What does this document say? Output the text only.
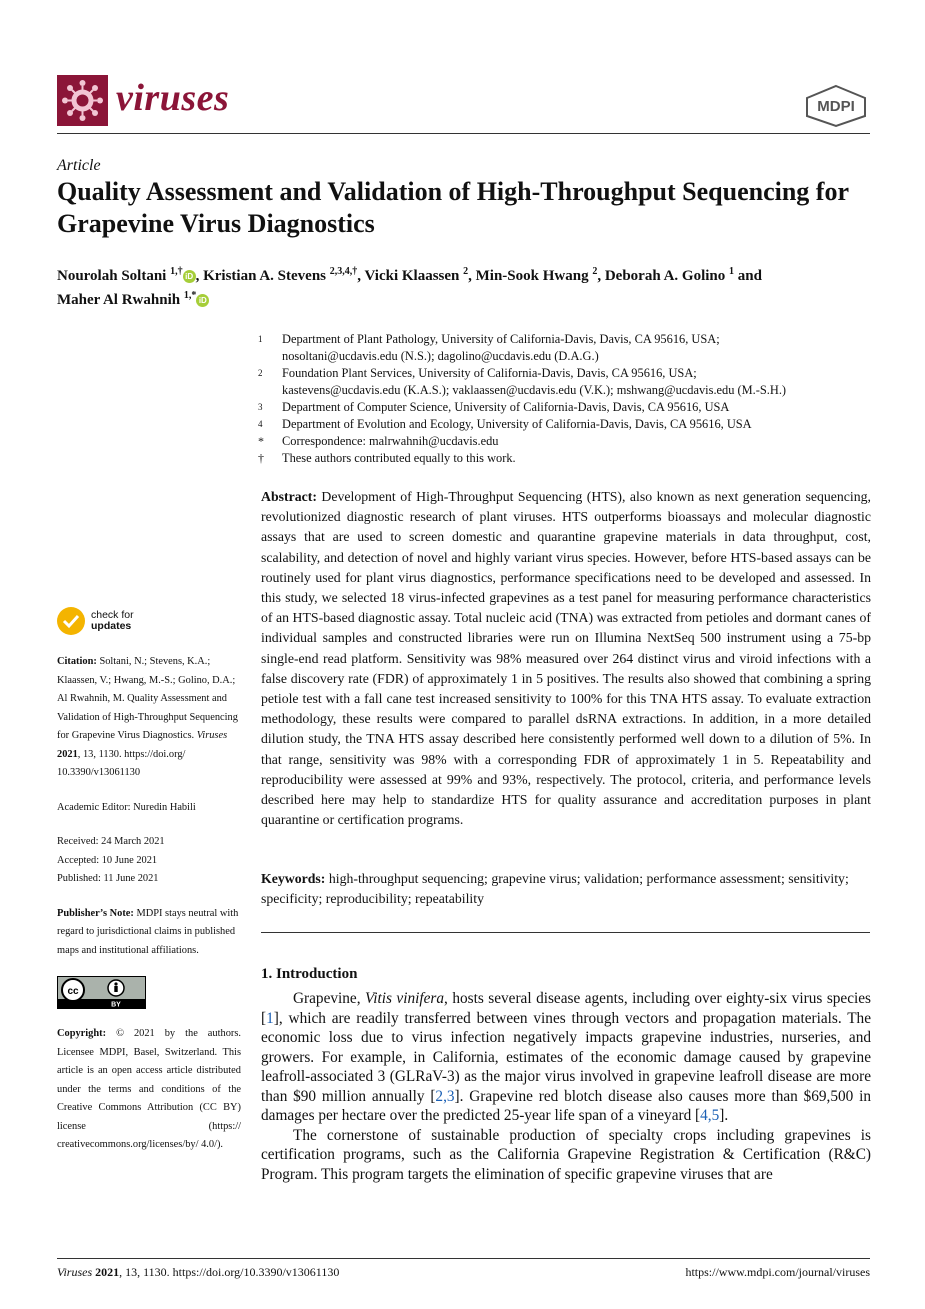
viruses	MDPI
Article
Quality Assessment and Validation of High-Throughput Sequencing for Grapevine Virus Diagnostics
Nourolah Soltani $^{1,\dagger}$ iD , Kristian A. Stevens $^{2,3,4,\dagger}$, Vicki Klaassen $^2$, Min-Sook Hwang $^2$, Deborah A. Golino $^1$ and
Maher Al Rwahnih $^{1,*}$ iD
1	Department of Plant Pathology, University of California-Davis, Davis, CA 95616, USA;
nosoltani@ucdavis.edu (N.S.); dagolino@ucdavis.edu (D.A.G.)
2	Foundation Plant Services, University of California-Davis, Davis, CA 95616, USA;
kastevens@ucdavis.edu (K.A.S.); vaklaassen@ucdavis.edu (V.K.); mshwang@ucdavis.edu (M.-S.H.)
3	Department of Computer Science, University of California-Davis, Davis, CA 95616, USA
4	Department of Evolution and Ecology, University of California-Davis, Davis, CA 95616, USA
*	Correspondence: malrwahnih@ucdavis.edu
†	These authors contributed equally to this work.

Abstract: Development of High-Throughput Sequencing (HTS), also known as next generation sequencing, revolutionized diagnostic research of plant viruses. HTS outperforms bioassays and molecular diagnostic assays that are used to screen domestic and quarantine grapevine materials in data throughput, cost, scalability, and detection of novel and highly variant virus species. However, before HTS-based assays can be routinely used for plant virus diagnostics, performance specifications need to be developed and assessed. In this study, we selected 18 virus-infected grapevines as a test panel for measuring performance characteristics of an HTS-based diagnostic assay. Total nucleic acid (TNA) was extracted from petioles and dormant canes of individual samples and constructed libraries were run on Illumina NextSeq 500 instrument using a 75-bp single-end read platform. Sensitivity was 98% measured over 264 distinct virus and viroid infections with a false discovery rate (FDR) of approximately 1 in 5 positives. The results also showed that combining a spring petiole test with a fall cane test increased sensitivity to 100% for this TNA HTS assay. To evaluate extraction methodology, these results were compared to parallel dsRNA extractions. In addition, in a more detailed dilution study, the TNA HTS assay described here consistently performed well down to a dilution of 5%. In that range, sensitivity was 98% with a corresponding FDR of approximately 1 in 5. Repeatability and reproducibility were assessed at 99% and 93%, respectively. The protocol, criteria, and performance levels described here may help to standardize HTS for quality assurance and accreditation purposes in plant quarantine or certification programs.

Keywords: high-throughput sequencing; grapevine virus; validation; performance assessment; sensitivity; specificity; reproducibility; repeatability

check for
updates
Citation: Soltani, N.; Stevens, K.A.; Klaassen, V.; Hwang, M.-S.; Golino, D.A.; Al Rwahnih, M. Quality Assessment and Validation of High-Throughput Sequencing for Grapevine Virus Diagnostics. Viruses 2021, 13, 1130. https://doi.org/ 10.3390/v13061130
Academic Editor: Nuredin Habili
Received: 24 March 2021
Accepted: 10 June 2021
Published: 11 June 2021
Publisher’s Note: MDPI stays neutral with regard to jurisdictional claims in published maps and institutional affiliations.
cc
BY
Copyright: © 2021 by the authors. Licensee MDPI, Basel, Switzerland. This article is an open access article distributed under the terms and conditions of the Creative Commons Attribution (CC BY) license (https:// creativecommons.org/licenses/by/ 4.0/).
1. Introduction

Grapevine, Vitis vinifera, hosts several disease agents, including over eighty-six virus species [1], which are readily transferred between vines through vectors and propagation materials. The economic loss due to virus infection negatively impacts grapevine industries, nurseries, and growers. For example, in California, estimates of the economic damage caused by grapevine leafroll-associated 3 (GLRaV-3) as the major virus involved in grapevine leafroll disease are more than $90 million annually [2,3]. Grapevine red blotch disease also causes more than $69,500 in damages per hectare over the predicted 25-year life span of a vineyard [4,5].

The cornerstone of sustainable production of specialty crops including grapevines is certification programs, such as the California Grapevine Registration & Certification (R&C) Program. This program targets the elimination of specific grapevine viruses that are

Viruses 2021, 13, 1130. https://doi.org/10.3390/v13061130	https://www.mdpi.com/journal/viruses
